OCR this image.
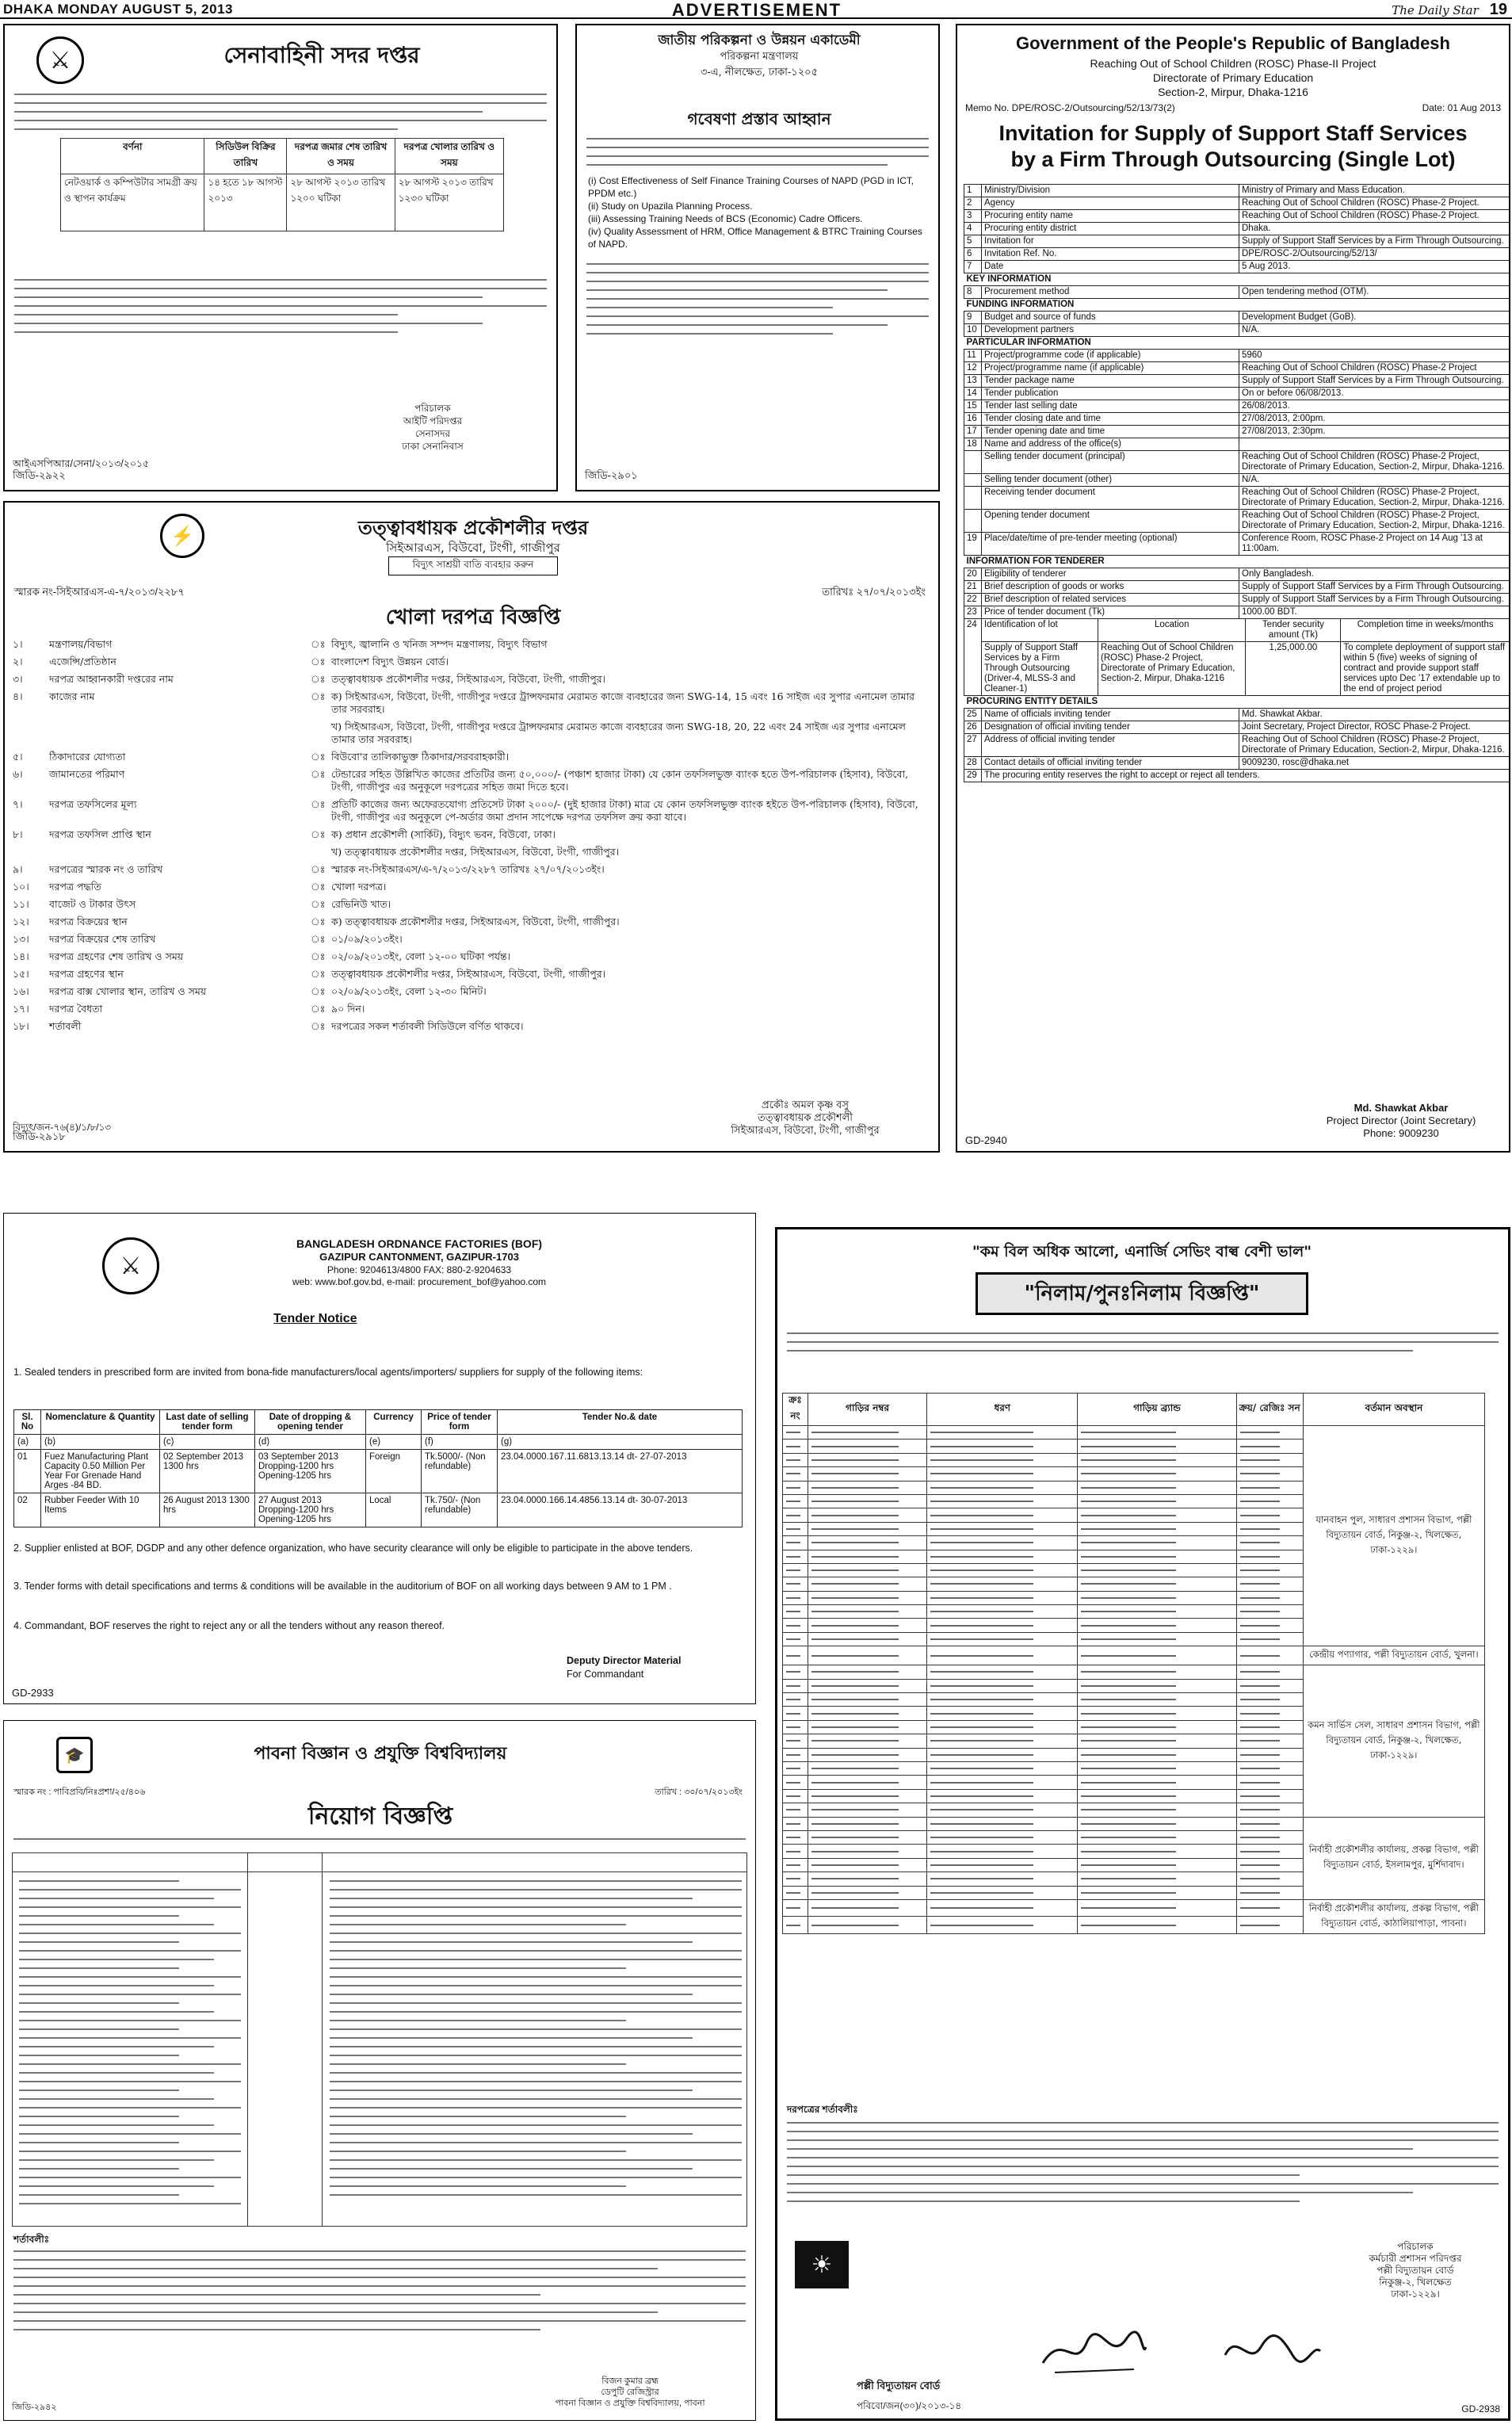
DHAKA MONDAY AUGUST 5, 2013	ADVERTISEMENT	The Daily Star 19
⚔	সেনাবাহিনী সদর দপ্তর
বর্ণনা	সিডিউল বিক্রির তারিখ	দরপত্র জমার শেষ তারিখ ও সময়	দরপত্র খোলার তারিখ ও সময়
নেটওয়ার্ক ও কম্পিউটার সামগ্রী ক্রয় ও স্থাপন কার্যক্রম	১৪ হতে ১৮ আগস্ট ২০১৩	২৮ আগস্ট ২০১৩ তারিখ ১২০০ ঘটিকা	২৮ আগস্ট ২০১৩ তারিখ ১২৩০ ঘটিকা
পরিচালক
আইটি পরিদপ্তর
সেনাসদর
ঢাকা সেনানিবাস
আইএসপিআর/সেনা/২০১৩/২০১৫
জিডি-২৯২২
জাতীয় পরিকল্পনা ও উন্নয়ন একাডেমী
পরিকল্পনা মন্ত্রণালয়
৩-এ, নীলক্ষেত, ঢাকা-১২০৫
গবেষণা প্রস্তাব আহ্বান
(i) Cost Effectiveness of Self Finance Training Courses of NAPD (PGD in ICT, PPDM etc.)
(ii) Study on Upazila Planning Process.
(iii) Assessing Training Needs of BCS (Economic) Cadre Officers.
(iv) Quality Assessment of HRM, Office Management & BTRC Training Courses of NAPD.
জিডি-২৯০১
Government of the People's Republic of Bangladesh
Reaching Out of School Children (ROSC) Phase-II Project
Directorate of Primary Education
Section-2, Mirpur, Dhaka-1216
Memo No. DPE/ROSC-2/Outsourcing/52/13/73(2)	Date: 01 Aug 2013
Invitation for Supply of Support Staff Services by a Firm Through Outsourcing (Single Lot)
1	Ministry/Division	Ministry of Primary and Mass Education.
2	Agency	Reaching Out of School Children (ROSC) Phase-2 Project.
3	Procuring entity name	Reaching Out of School Children (ROSC) Phase-2 Project.
4	Procuring entity district	Dhaka.
5	Invitation for	Supply of Support Staff Services by a Firm Through Outsourcing.
6	Invitation Ref. No.	DPE/ROSC-2/Outsourcing/52/13/
7	Date	5 Aug 2013.
KEY INFORMATION
8	Procurement method	Open tendering method (OTM).
FUNDING INFORMATION
9	Budget and source of funds	Development Budget (GoB).
10	Development partners	N/A.
PARTICULAR INFORMATION
11	Project/programme code (if applicable)	5960
12	Project/programme name (if applicable)	Reaching Out of School Children (ROSC) Phase-2 Project
13	Tender package name	Supply of Support Staff Services by a Firm Through Outsourcing.
14	Tender publication	On or before 06/08/2013.
15	Tender last selling date	26/08/2013.
16	Tender closing date and time	27/08/2013, 2:00pm.
17	Tender opening date and time	27/08/2013, 2:30pm.
18	Name and address of the office(s)	
	Selling tender document (principal)	Reaching Out of School Children (ROSC) Phase-2 Project, Directorate of Primary Education, Section-2, Mirpur, Dhaka-1216.
	Selling tender document (other)	N/A.
	Receiving tender document	Reaching Out of School Children (ROSC) Phase-2 Project, Directorate of Primary Education, Section-2, Mirpur, Dhaka-1216.
	Opening tender document	Reaching Out of School Children (ROSC) Phase-2 Project, Directorate of Primary Education, Section-2, Mirpur, Dhaka-1216.
19	Place/date/time of pre-tender meeting (optional)	Conference Room, ROSC Phase-2 Project on 14 Aug '13 at 11:00am.
INFORMATION FOR TENDERER
20	Eligibility of tenderer	Only Bangladesh.
21	Brief description of goods or works	Supply of Support Staff Services by a Firm Through Outsourcing.
22	Brief description of related services	Supply of Support Staff Services by a Firm Through Outsourcing.
23	Price of tender document (Tk)	1000.00 BDT.
24	Identification of lot	Location	Tender security amount (Tk)	Completion time in weeks/months
Supply of Support Staff Services by a Firm Through Outsourcing (Driver-4, MLSS-3 and Cleaner-1)	Reaching Out of School Children (ROSC) Phase-2 Project, Directorate of Primary Education, Section-2, Mirpur, Dhaka-1216	1,25,000.00	To complete deployment of support staff within 5 (five) weeks of signing of contract and provide support staff services upto Dec '17 extendable up to the end of project period

PROCURING ENTITY DETAILS
25	Name of officials inviting tender	Md. Shawkat Akbar.
26	Designation of official inviting tender	Joint Secretary, Project Director, ROSC Phase-2 Project.
27	Address of official inviting tender	Reaching Out of School Children (ROSC) Phase-2 Project, Directorate of Primary Education, Section-2, Mirpur, Dhaka-1216.
28	Contact details of official inviting tender	9009230, rosc@dhaka.net
29	The procuring entity reserves the right to accept or reject all tenders.
Md. Shawkat Akbar
Project Director (Joint Secretary)
Phone: 9009230
GD-2940
⚡	তত্ত্বাবধায়ক প্রকৌশলীর দপ্তর
সিইআরএস, বিউবো, টংগী, গাজীপুর
বিদ্যুৎ সাশ্রয়ী বাতি ব্যবহার করুন
স্মারক নং-সিইআরএস-এ-৭/২০১৩/২২৮৭	তারিখঃ ২৭/০৭/২০১৩ইং
খোলা দরপত্র বিজ্ঞপ্তি
১।	মন্ত্রণালয়/বিভাগ	ঃ	বিদ্যুৎ, জ্বালানি ও খনিজ সম্পদ মন্ত্রণালয়, বিদ্যুৎ বিভাগ
২।	এজেন্সি/প্রতিষ্ঠান	ঃ	বাংলাদেশ বিদ্যুৎ উন্নয়ন বোর্ড।
৩।	দরপত্র আহ্বানকারী দপ্তরের নাম	ঃ	তত্ত্বাবধায়ক প্রকৌশলীর দপ্তর, সিইআরএস, বিউবো, টংগী, গাজীপুর।
৪।	কাজের নাম	ঃ	ক) সিইআরএস, বিউবো, টংগী, গাজীপুর দপ্তরে ট্রান্সফরমার মেরামত কাজে ব্যবহারের জন্য SWG-14, 15 এবং 16 সাইজ এর সুপার এনামেল তামার তার সরবরাহ।
			খ) সিইআরএস, বিউবো, টংগী, গাজীপুর দপ্তরে ট্রান্সফরমার মেরামত কাজে ব্যবহারের জন্য SWG-18, 20, 22 এবং 24 সাইজ এর সুপার এনামেল তামার তার সরবরাহ।
৫।	ঠিকাদারের যোগ্যতা	ঃ	বিউবো'র তালিকাভুক্ত ঠিকাদার/সরবরাহকারী।
৬।	জামানতের পরিমাণ	ঃ	টেন্ডারের সহিত উল্লিখিত কাজের প্রতিটির জন্য ৫০,০০০/- (পঞ্চাশ হাজার টাকা) যে কোন তফসিলভুক্ত ব্যাংক হতে উপ-পরিচালক (হিসাব), বিউবো, টংগী, গাজীপুর এর অনুকূলে দরপত্রের সহিত জমা দিতে হবে।
৭।	দরপত্র তফসিলের মূল্য	ঃ	প্রতিটি কাজের জন্য অফেরতযোগ্য প্রতিসেট টাকা ২০০০/- (দুই হাজার টাকা) মাত্র যে কোন তফসিলভুক্ত ব্যাংক হইতে উপ-পরিচালক (হিসাব), বিউবো, টংগী, গাজীপুর এর অনুকূলে পে-অর্ডার জমা প্রদান সাপেক্ষে দরপত্র তফসিল ক্রয় করা যাবে।
৮।	দরপত্র তফসিল প্রাপ্তি স্থান	ঃ	ক) প্রধান প্রকৌশলী (সার্কিট), বিদ্যুৎ ভবন, বিউবো, ঢাকা।
			খ) তত্ত্বাবধায়ক প্রকৌশলীর দপ্তর, সিইআরএস, বিউবো, টংগী, গাজীপুর।
৯।	দরপত্রের স্মারক নং ও তারিখ	ঃ	স্মারক নং-সিইআরএস/এ-৭/২০১৩/২২৮৭ তারিখঃ ২৭/০৭/২০১৩ইং।
১০।	দরপত্র পদ্ধতি	ঃ	খোলা দরপত্র।
১১।	বাজেট ও টাকার উৎস	ঃ	রেভিনিউ খাত।
১২।	দরপত্র বিক্রয়ের স্থান	ঃ	ক) তত্ত্বাবধায়ক প্রকৌশলীর দপ্তর, সিইআরএস, বিউবো, টংগী, গাজীপুর।
১৩।	দরপত্র বিক্রয়ের শেষ তারিখ	ঃ	০১/০৯/২০১৩ইং।
১৪।	দরপত্র গ্রহণের শেষ তারিখ ও সময়	ঃ	০২/০৯/২০১৩ইং, বেলা ১২-০০ ঘটিকা পর্যন্ত।
১৫।	দরপত্র গ্রহণের স্থান	ঃ	তত্ত্বাবধায়ক প্রকৌশলীর দপ্তর, সিইআরএস, বিউবো, টংগী, গাজীপুর।
১৬।	দরপত্র বাক্স খোলার স্থান, তারিখ ও সময়	ঃ	০২/০৯/২০১৩ইং, বেলা ১২-৩০ মিনিট।
১৭।	দরপত্র বৈধতা	ঃ	৯০ দিন।
১৮।	শর্তাবলী	ঃ	দরপত্রের সকল শর্তাবলী সিডিউলে বর্ণিত থাকবে।
প্রকৌঃ অমল কৃষ্ণ বসু
তত্ত্বাবধায়ক প্রকৌশলী
সিইআরএস, বিউবো, টংগী, গাজীপুর
বিদ্যুৎ/জন-৭৬(৪)/১/৮/১৩
জিডি-২৯১৮
⚔
BANGLADESH ORDNANCE FACTORIES (BOF)
GAZIPUR CANTONMENT, GAZIPUR-1703
Phone: 9204613/4800 FAX: 880-2-9204633
web: www.bof.gov.bd, e-mail: procurement_bof@yahoo.com
Tender Notice
1. Sealed tenders in prescribed form are invited from bona-fide manufacturers/local agents/importers/ suppliers for supply of the following items:
Sl. No	Nomenclature & Quantity	Last date of selling tender form	Date of dropping & opening tender	Currency	Price of tender form	Tender No.& date
(a)	(b)	(c)	(d)	(e)	(f)	(g)
01	Fuez Manufacturing Plant Capacity 0.50 Million Per Year For Grenade Hand Arges -84 BD.	02 September 2013 1300 hrs	03 September 2013 Dropping-1200 hrs Opening-1205 hrs	Foreign	Tk.5000/- (Non refundable)	23.04.0000.167.11.6813.13.14 dt- 27-07-2013
02	Rubber Feeder With 10 Items	26 August 2013 1300 hrs	27 August 2013 Dropping-1200 hrs Opening-1205 hrs	Local	Tk.750/- (Non refundable)	23.04.0000.166.14.4856.13.14 dt- 30-07-2013
2. Supplier enlisted at BOF, DGDP and any other defence organization, who have security clearance will only be eligible to participate in the above tenders.
3. Tender forms with detail specifications and terms & conditions will be available in the auditorium of BOF on all working days between 9 AM to 1 PM .
4. Commandant, BOF reserves the right to reject any or all the tenders without any reason thereof.
Deputy Director Material
For Commandant
GD-2933
🎓	পাবনা বিজ্ঞান ও প্রযুক্তি বিশ্ববিদ্যালয়
স্মারক নং : পাবিপ্রবি/নিঃপ্রশা/২৫/৪০৬	তারিখ : ৩০/০৭/২০১৩ইং
নিয়োগ বিজ্ঞপ্তি
শর্তাবলীঃ
বিজন কুমার ব্রহ্ম
ডেপুটি রেজিস্ট্রার
পাবনা বিজ্ঞান ও প্রযুক্তি বিশ্ববিদ্যালয়, পাবনা
জিডি-২৯৪২
"কম বিল অধিক আলো, এনার্জি সেভিং বাল্ব বেশী ভাল"
"নিলাম/পুনঃনিলাম বিজ্ঞপ্তি"
ক্রঃ নং	গাড়ির নম্বর	ধরণ	গাড়িয় ব্র্যান্ড	ক্রয়/ রেজিঃ সন	বর্তমান অবস্থান

	যানবাহন পুল, সাধারণ প্রশাসন বিভাগ, পল্লী বিদ্যুতায়ন বোর্ড, নিকুঞ্জ-২, খিলক্ষেত, ঢাকা-১২২৯।

	কেন্দ্রীয় পণ্যাগার, পল্লী বিদ্যুতায়ন বোর্ড, খুলনা।

	কমন সার্ভিস সেল, সাধারণ প্রশাসন বিভাগ, পল্লী বিদ্যুতায়ন বোর্ড, নিকুঞ্জ-২, খিলক্ষেত, ঢাকা-১২২৯।

	নির্বাহী প্রকৌশলীর কার্যালয়, প্রকল্প বিভাগ, পল্লী বিদ্যুতায়ন বোর্ড, ইসলামপুর, মুর্শিদাবাদ।

	নির্বাহী প্রকৌশলীর কার্যালয়, প্রকল্প বিভাগ, পল্লী বিদ্যুতায়ন বোর্ড, কাঠালিয়াপাড়া, পাবনা।

দরপত্রের শর্তাবলীঃ
☀
পল্লী বিদ্যুতায়ন বোর্ড
পরিচালক
কর্মচারী প্রশাসন পরিদপ্তর
পল্লী বিদ্যুতায়ন বোর্ড
নিকুঞ্জ-২, খিলক্ষেত
ঢাকা-১২২৯।
পবিবো/জন(৩০)/২০১৩-১৪	GD-2938
